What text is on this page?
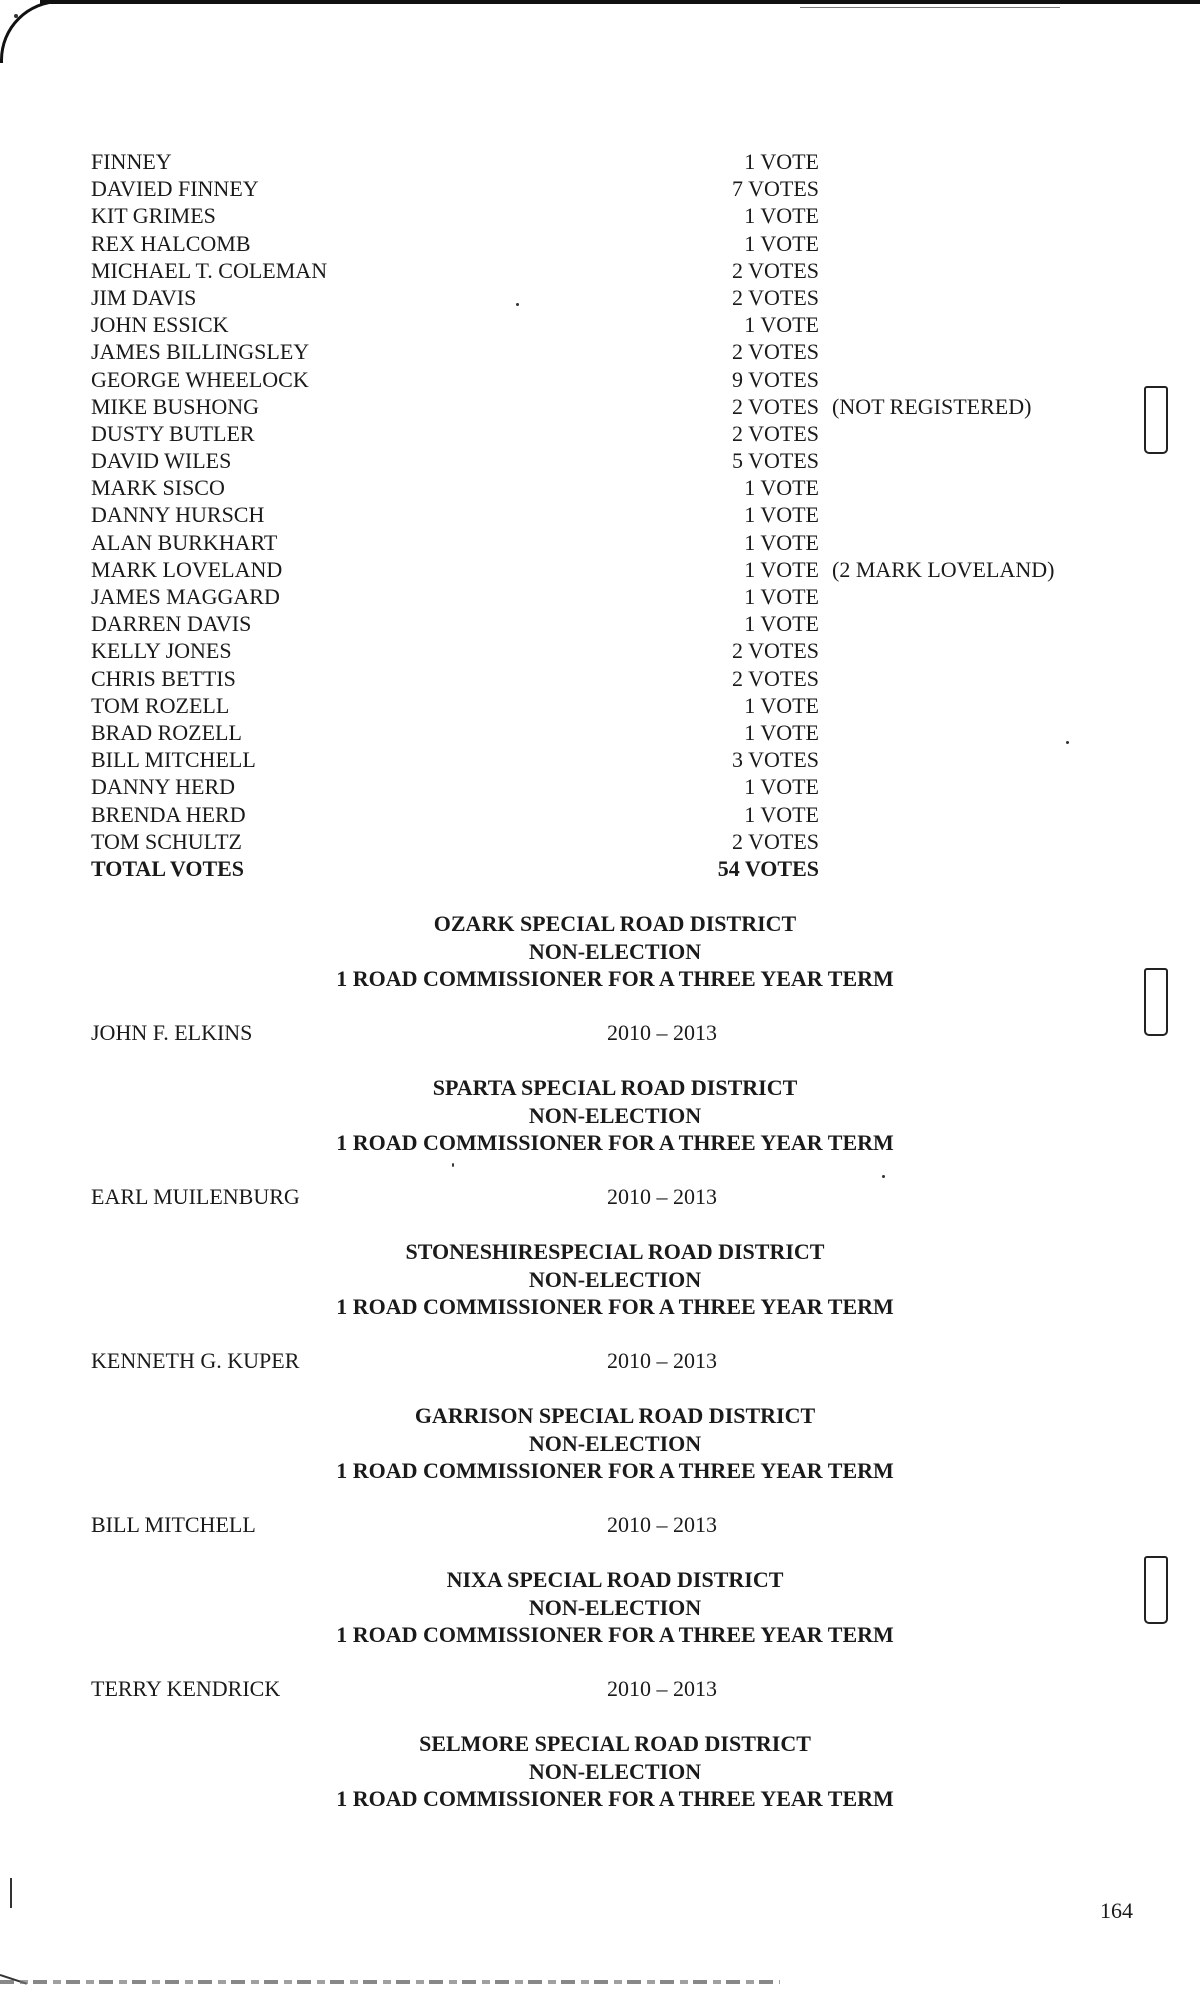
FINNEY	1 VOTE
DAVIED FINNEY	7 VOTES
KIT GRIMES	1 VOTE
REX HALCOMB	1 VOTE
MICHAEL T. COLEMAN	2 VOTES
JIM DAVIS	2 VOTES
JOHN ESSICK	1 VOTE
JAMES BILLINGSLEY	2 VOTES
GEORGE WHEELOCK	9 VOTES
MIKE BUSHONG	2 VOTES (NOT REGISTERED)
DUSTY BUTLER	2 VOTES
DAVID WILES	5 VOTES
MARK SISCO	1 VOTE
DANNY HURSCH	1 VOTE
ALAN BURKHART	1 VOTE
MARK LOVELAND	1 VOTE (2 MARK LOVELAND)
JAMES MAGGARD	1 VOTE
DARREN DAVIS	1 VOTE
KELLY JONES	2 VOTES
CHRIS BETTIS	2 VOTES
TOM ROZELL	1 VOTE
BRAD ROZELL	1 VOTE
BILL MITCHELL	3 VOTES
DANNY HERD	1 VOTE
BRENDA HERD	1 VOTE
TOM SCHULTZ	2 VOTES
TOTAL VOTES	54 VOTES
OZARK SPECIAL ROAD DISTRICT
NON-ELECTION
1 ROAD COMMISSIONER FOR A THREE YEAR TERM
JOHN F. ELKINS	2010 – 2013
SPARTA SPECIAL ROAD DISTRICT
NON-ELECTION
1 ROAD COMMISSIONER FOR A THREE YEAR TERM
EARL MUILENBURG	2010 – 2013
STONESHIRESPECIAL ROAD DISTRICT
NON-ELECTION
1 ROAD COMMISSIONER FOR A THREE YEAR TERM
KENNETH G. KUPER	2010 – 2013
GARRISON SPECIAL ROAD DISTRICT
NON-ELECTION
1 ROAD COMMISSIONER FOR A THREE YEAR TERM
BILL MITCHELL	2010 – 2013
NIXA SPECIAL ROAD DISTRICT
NON-ELECTION
1 ROAD COMMISSIONER FOR A THREE YEAR TERM
TERRY KENDRICK	2010 – 2013
SELMORE SPECIAL ROAD DISTRICT
NON-ELECTION
1 ROAD COMMISSIONER FOR A THREE YEAR TERM
164
